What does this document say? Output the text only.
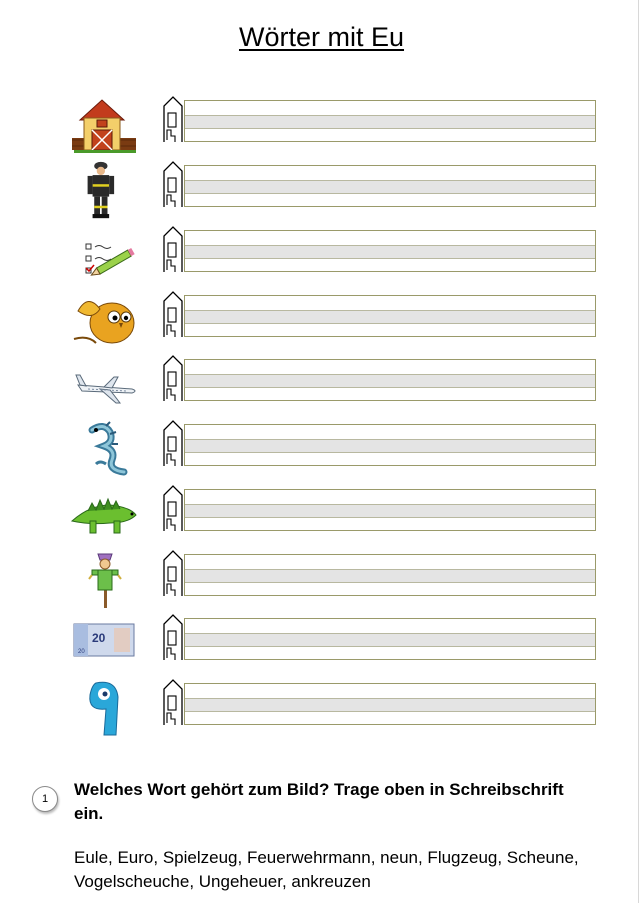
Wörter mit Eu
20
20
1	Welches Wort gehört zum Bild? Trage oben in Schreibschrift ein.
Eule, Euro, Spielzeug, Feuerwehrmann, neun, Flugzeug, Scheune, Vogelscheuche, Ungeheuer, ankreuzen
